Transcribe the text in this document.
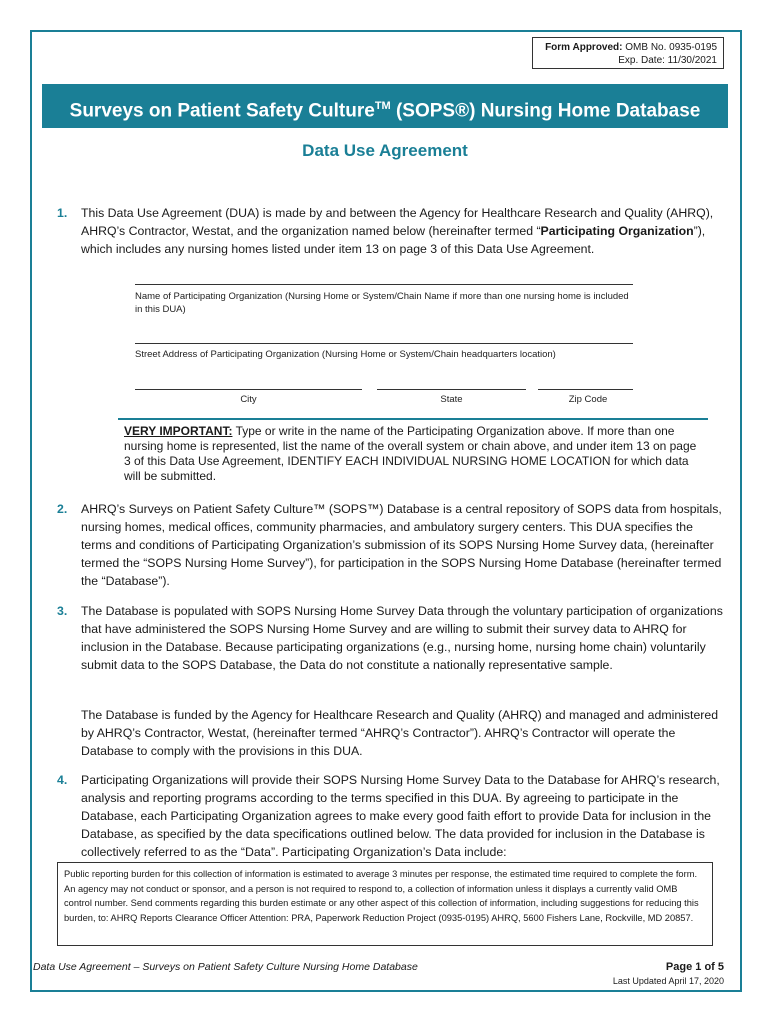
Form Approved: OMB No. 0935-0195
Exp. Date: 11/30/2021
Surveys on Patient Safety Culture™ (SOPS®) Nursing Home Database
Data Use Agreement
1. This Data Use Agreement (DUA) is made by and between the Agency for Healthcare Research and Quality (AHRQ), AHRQ’s Contractor, Westat, and the organization named below (hereinafter termed “Participating Organization”), which includes any nursing homes listed under item 13 on page 3 of this Data Use Agreement.
Name of Participating Organization (Nursing Home or System/Chain Name if more than one nursing home is included in this DUA)
Street Address of Participating Organization (Nursing Home or System/Chain headquarters location)
City	State	Zip Code
VERY IMPORTANT: Type or write in the name of the Participating Organization above. If more than one nursing home is represented, list the name of the overall system or chain above, and under item 13 on page 3 of this Data Use Agreement, IDENTIFY EACH INDIVIDUAL NURSING HOME LOCATION for which data will be submitted.
2. AHRQ’s Surveys on Patient Safety Culture™ (SOPS™) Database is a central repository of SOPS data from hospitals, nursing homes, medical offices, community pharmacies, and ambulatory surgery centers. This DUA specifies the terms and conditions of Participating Organization’s submission of its SOPS Nursing Home Survey data, (hereinafter termed the “SOPS Nursing Home Survey”), for participation in the SOPS Nursing Home Database (hereinafter termed the “Database”).
3. The Database is populated with SOPS Nursing Home Survey Data through the voluntary participation of organizations that have administered the SOPS Nursing Home Survey and are willing to submit their survey data to AHRQ for inclusion in the Database. Because participating organizations (e.g., nursing home, nursing home chain) voluntarily submit data to the SOPS Database, the Data do not constitute a nationally representative sample.
The Database is funded by the Agency for Healthcare Research and Quality (AHRQ) and managed and administered by AHRQ’s Contractor, Westat, (hereinafter termed “AHRQ’s Contractor”). AHRQ’s Contractor will operate the Database to comply with the provisions in this DUA.
4. Participating Organizations will provide their SOPS Nursing Home Survey Data to the Database for AHRQ’s research, analysis and reporting programs according to the terms specified in this DUA. By agreeing to participate in the Database, each Participating Organization agrees to make every good faith effort to provide Data for inclusion in the Database, as specified by the data specifications outlined below. The data provided for inclusion in the Database is collectively referred to as the “Data”. Participating Organization’s Data include:
Public reporting burden for this collection of information is estimated to average 3 minutes per response, the estimated time required to complete the form. An agency may not conduct or sponsor, and a person is not required to respond to, a collection of information unless it displays a currently valid OMB control number. Send comments regarding this burden estimate or any other aspect of this collection of information, including suggestions for reducing this burden, to: AHRQ Reports Clearance Officer Attention: PRA, Paperwork Reduction Project (0935-0195) AHRQ, 5600 Fishers Lane, Rockville, MD 20857.
Data Use Agreement – Surveys on Patient Safety Culture Nursing Home Database	Page 1 of 5
Last Updated April 17, 2020
